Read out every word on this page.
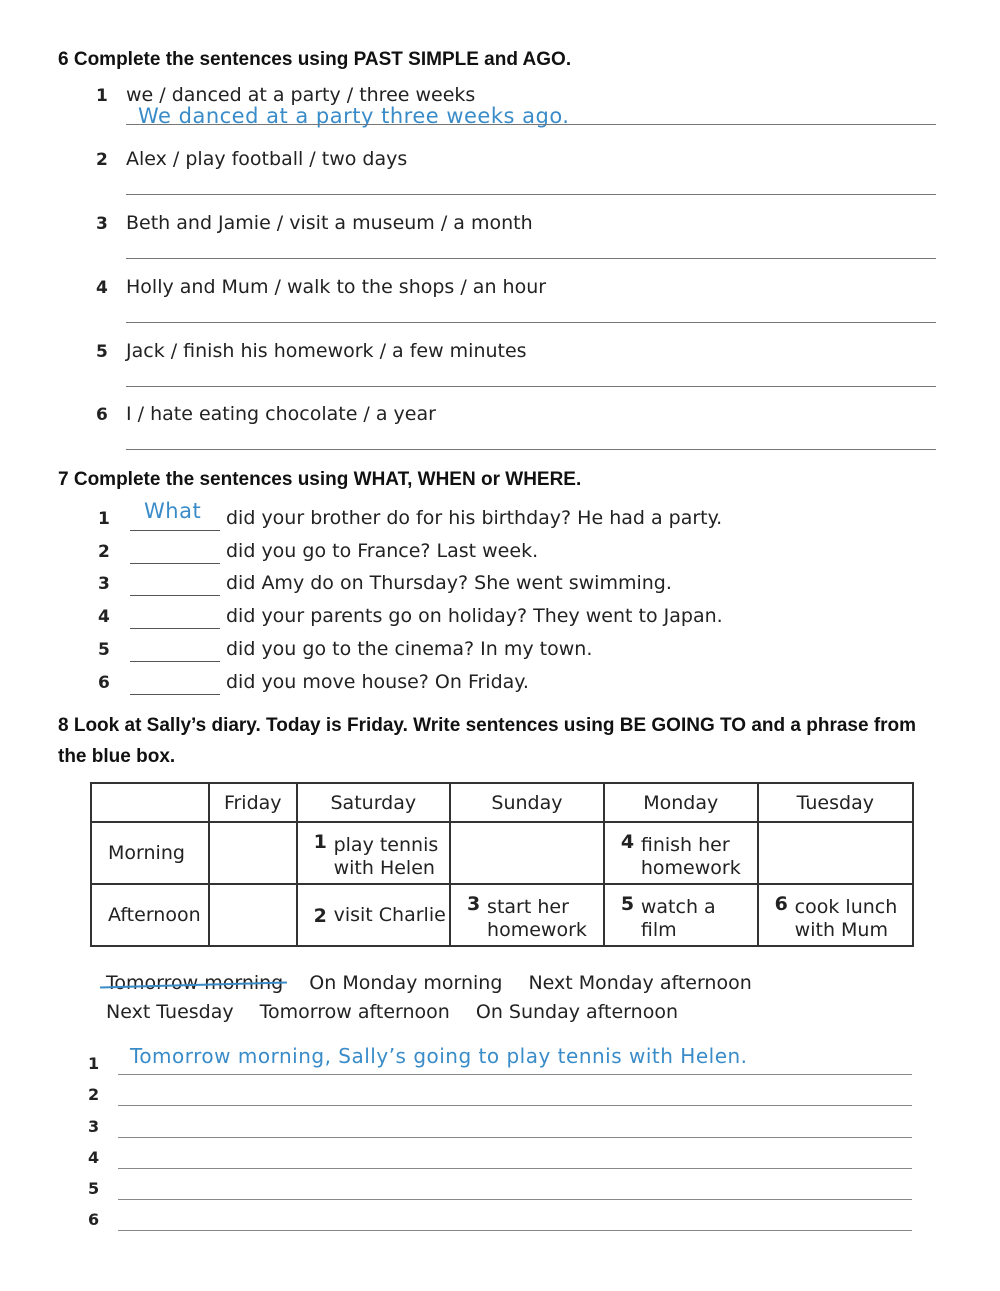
6 Complete the sentences using PAST SIMPLE and AGO.
1 we / danced at a party / three weeks
We danced at a party three weeks ago.
2 Alex / play football / two days
3 Beth and Jamie / visit a museum / a month
4 Holly and Mum / walk to the shops / an hour
5 Jack / finish his homework / a few minutes
6 I / hate eating chocolate / a year
7 Complete the sentences using WHAT, WHEN or WHERE.
1 What did your brother do for his birthday? He had a party.
2	did you go to France? Last week.
3	did Amy do on Thursday? She went swimming.
4	did your parents go on holiday? They went to Japan.
5	did you go to the cinema? In my town.
6	did you move house? On Friday.
8 Look at Sally’s diary. Today is Friday. Write sentences using BE GOING TO and a phrase from the blue box.
	Friday	Saturday	Sunday	Monday	Tuesday
Morning		1 play tennis with Helen		4 finish her homework	

Afternoon		2 visit Charlie	3 start her homework	5 watch a film	6 cook lunch with Mum
Tomorrow morning On Monday morning Next Monday afternoon
Next Tuesday Tomorrow afternoon On Sunday afternoon
1 Tomorrow morning, Sally’s going to play tennis with Helen.
2
3
4
5
6
